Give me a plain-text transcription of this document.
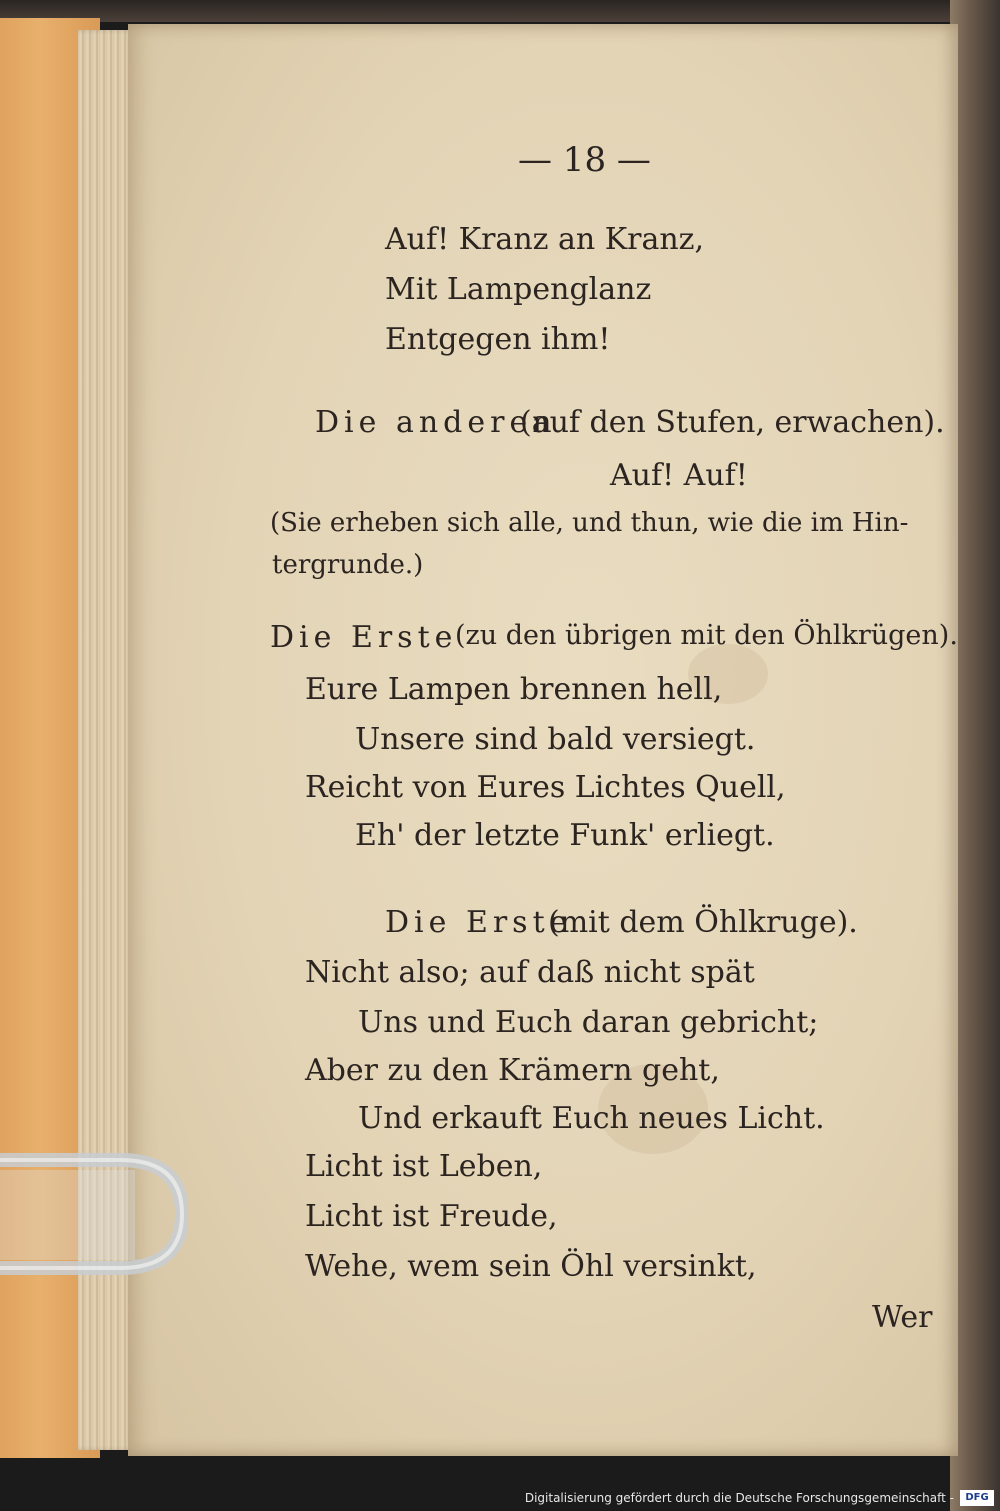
— 18 —
Auf! Kranz an Kranz,
Mit Lampenglanz
Entgegen ihm!
Die anderen
(auf den Stufen, erwachen).
Auf! Auf!
(Sie erheben sich alle, und thun, wie die im Hin-
tergrunde.)
Die Erste
(zu den übrigen mit den Öhlkrügen).
Eure Lampen brennen hell,
Unsere sind bald versiegt.
Reicht von Eures Lichtes Quell,
Eh' der letzte Funk' erliegt.
Die Erste
(mit dem Öhlkruge).
Nicht also; auf daß nicht spät
Uns und Euch daran gebricht;
Aber zu den Krämern geht,
Und erkauft Euch neues Licht.
Licht ist Leben,
Licht ist Freude,
Wehe, wem sein Öhl versinkt,
Wer
Digitalisierung gefördert durch die Deutsche Forschungsgemeinschaft -	DFG
